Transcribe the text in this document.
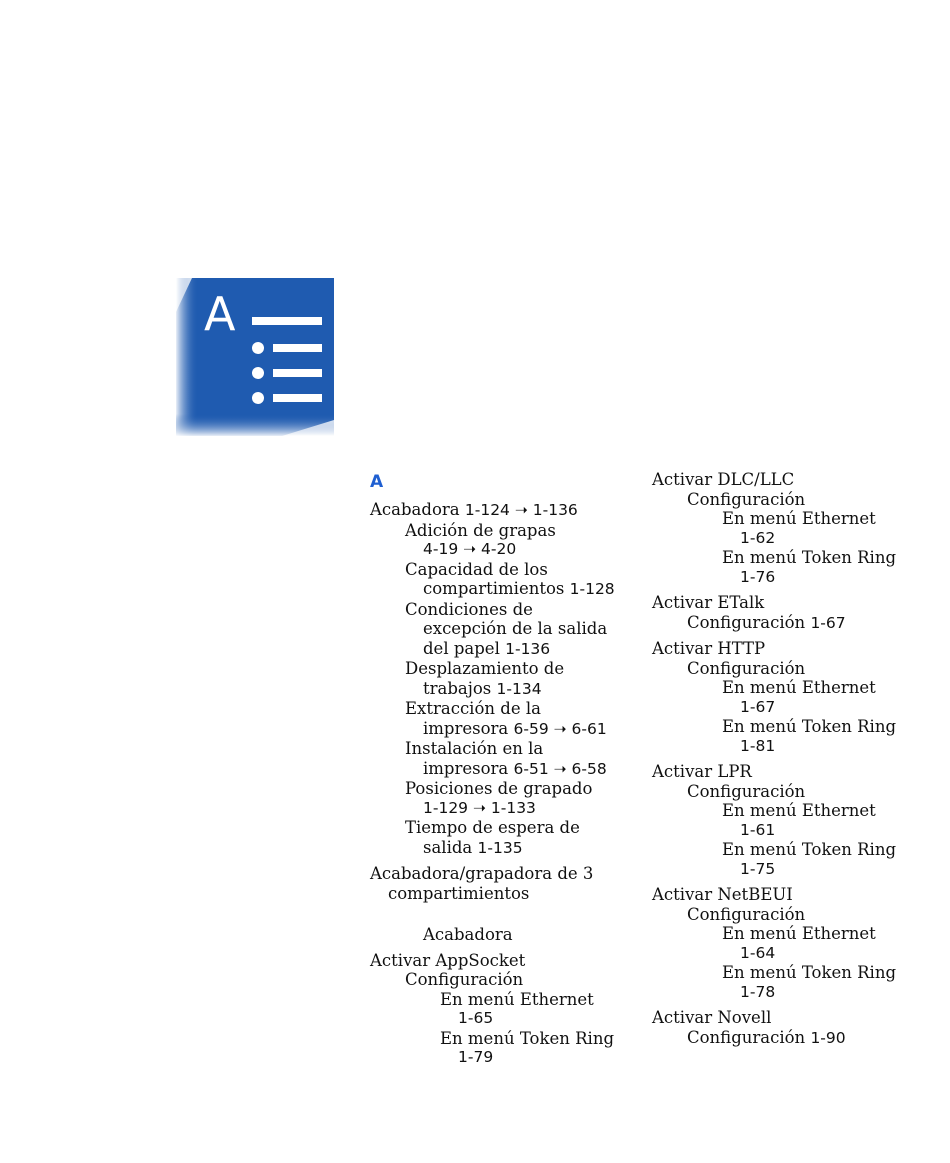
A
A
Acabadora 1-124 ➝ 1-136
Adición de grapas
4-19 ➝ 4-20
Capacidad de los
compartimientos 1-128
Condiciones de
excepción de la salida
del papel 1-136
Desplazamiento de
trabajos 1-134
Extracción de la
impresora 6-59 ➝ 6-61
Instalación en la
impresora 6-51 ➝ 6-58
Posiciones de grapado
1-129 ➝ 1-133
Tiempo de espera de
salida 1-135
Acabadora/grapadora de 3
compartimientos
Acabadora
Activar AppSocket
Configuración
En menú Ethernet
1-65
En menú Token Ring
1-79
Activar DLC/LLC
Configuración
En menú Ethernet
1-62
En menú Token Ring
1-76
Activar ETalk
Configuración 1-67
Activar HTTP
Configuración
En menú Ethernet
1-67
En menú Token Ring
1-81
Activar LPR
Configuración
En menú Ethernet
1-61
En menú Token Ring
1-75
Activar NetBEUI
Configuración
En menú Ethernet
1-64
En menú Token Ring
1-78
Activar Novell
Configuración 1-90
